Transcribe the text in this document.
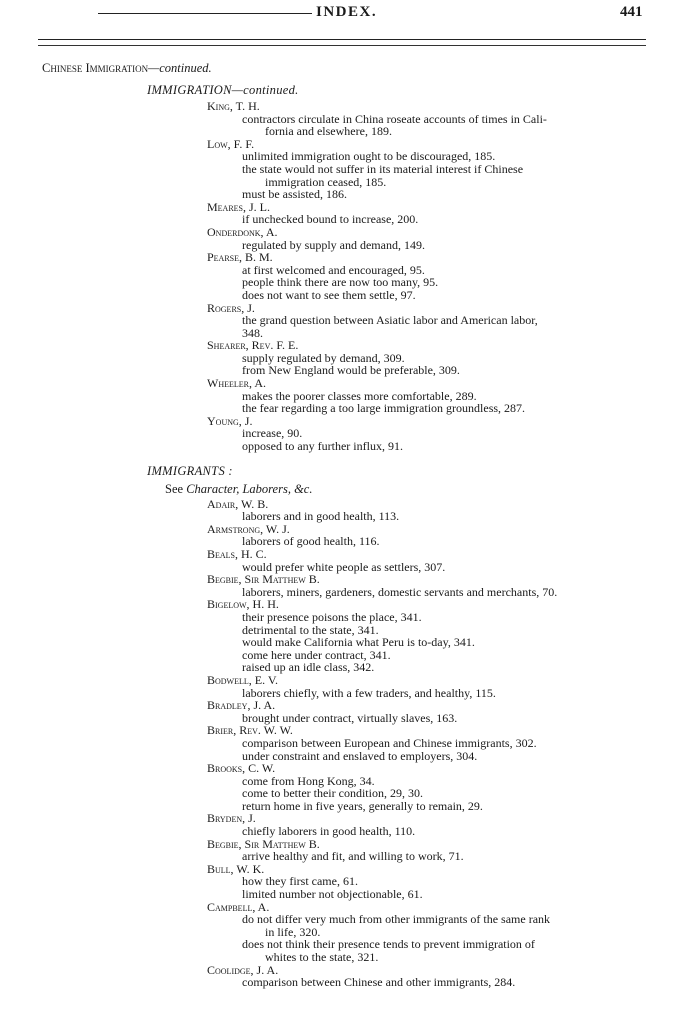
INDEX.	441
Chinese Immigration—continued.
IMMIGRATION—continued.
King, T. H.
contractors circulate in China roseate accounts of times in Cali-
fornia and elsewhere, 189.
Low, F. F.
unlimited immigration ought to be discouraged, 185.
the state would not suffer in its material interest if Chinese
immigration ceased, 185.
must be assisted, 186.
Meares, J. L.
if unchecked bound to increase, 200.
Onderdonk, A.
regulated by supply and demand, 149.
Pearse, B. M.
at first welcomed and encouraged, 95.
people think there are now too many, 95.
does not want to see them settle, 97.
Rogers, J.
the grand question between Asiatic labor and American labor,
348.
Shearer, Rev. F. E.
supply regulated by demand, 309.
from New England would be preferable, 309.
Wheeler, A.
makes the poorer classes more comfortable, 289.
the fear regarding a too large immigration groundless, 287.
Young, J.
increase, 90.
opposed to any further influx, 91.
IMMIGRANTS :
See Character, Laborers, &c.
Adair, W. B.
laborers and in good health, 113.
Armstrong, W. J.
laborers of good health, 116.
Beals, H. C.
would prefer white people as settlers, 307.
Begbie, Sir Matthew B.
laborers, miners, gardeners, domestic servants and merchants, 70.
Bigelow, H. H.
their presence poisons the place, 341.
detrimental to the state, 341.
would make California what Peru is to-day, 341.
come here under contract, 341.
raised up an idle class, 342.
Bodwell, E. V.
laborers chiefly, with a few traders, and healthy, 115.
Bradley, J. A.
brought under contract, virtually slaves, 163.
Brier, Rev. W. W.
comparison between European and Chinese immigrants, 302.
under constraint and enslaved to employers, 304.
Brooks, C. W.
come from Hong Kong, 34.
come to better their condition, 29, 30.
return home in five years, generally to remain, 29.
Bryden, J.
chiefly laborers in good health, 110.
Begbie, Sir Matthew B.
arrive healthy and fit, and willing to work, 71.
Bull, W. K.
how they first came, 61.
limited number not objectionable, 61.
Campbell, A.
do not differ very much from other immigrants of the same rank
in life, 320.
does not think their presence tends to prevent immigration of
whites to the state, 321.
Coolidge, J. A.
comparison between Chinese and other immigrants, 284.
